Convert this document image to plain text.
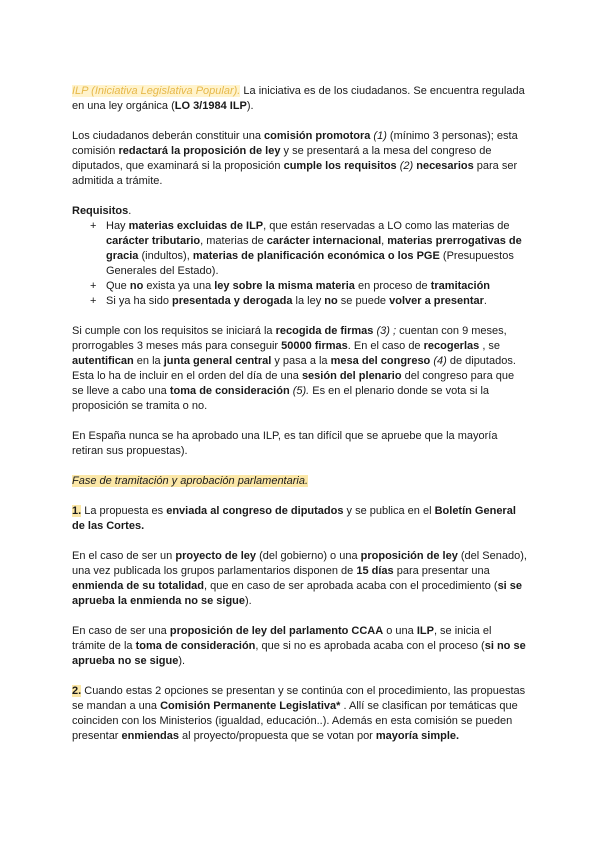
ILP (Iniciativa Legislativa Popular). La iniciativa es de los ciudadanos. Se encuentra regulada en una ley orgánica (LO 3/1984 ILP).

Los ciudadanos deberán constituir una comisión promotora (1) (mínimo 3 personas); esta comisión redactará la proposición de ley y se presentará a la mesa del congreso de diputados, que examinará si la proposición cumple los requisitos (2) necesarios para ser admitida a trámite.

Requisitos.

+ Hay materias excluidas de ILP, que están reservadas a LO como las materias de carácter tributario, materias de carácter internacional, materias prerrogativas de gracia (indultos), materias de planificación económica o los PGE (Presupuestos Generales del Estado).
+ Que no exista ya una ley sobre la misma materia en proceso de tramitación
+ Si ya ha sido presentada y derogada la ley no se puede volver a presentar.

Si cumple con los requisitos se iniciará la recogida de firmas (3) ; cuentan con 9 meses, prorrogables 3 meses más para conseguir 50000 firmas. En el caso de recogerlas , se autentifican en la junta general central y pasa a la mesa del congreso (4) de diputados. Esta lo ha de incluir en el orden del día de una sesión del plenario del congreso para que se lleve a cabo una toma de consideración (5). Es en el plenario donde se vota si la proposición se tramita o no.

En España nunca se ha aprobado una ILP, es tan difícil que se apruebe que la mayoría retiran sus propuestas).

Fase de tramitación y aprobación parlamentaria.

1. La propuesta es enviada al congreso de diputados y se publica en el Boletín General de las Cortes.

En el caso de ser un proyecto de ley (del gobierno) o una proposición de ley (del Senado), una vez publicada los grupos parlamentarios disponen de 15 días para presentar una enmienda de su totalidad, que en caso de ser aprobada acaba con el procedimiento (si se aprueba la enmienda no se sigue).

En caso de ser una proposición de ley del parlamento CCAA o una ILP, se inicia el trámite de la toma de consideración, que si no es aprobada acaba con el proceso (si no se aprueba no se sigue).

2. Cuando estas 2 opciones se presentan y se continúa con el procedimiento, las propuestas se mandan a una Comisión Permanente Legislativa* . Allí se clasifican por temáticas que coinciden con los Ministerios (igualdad, educación..). Además en esta comisión se pueden presentar enmiendas al proyecto/propuesta que se votan por mayoría simple.
